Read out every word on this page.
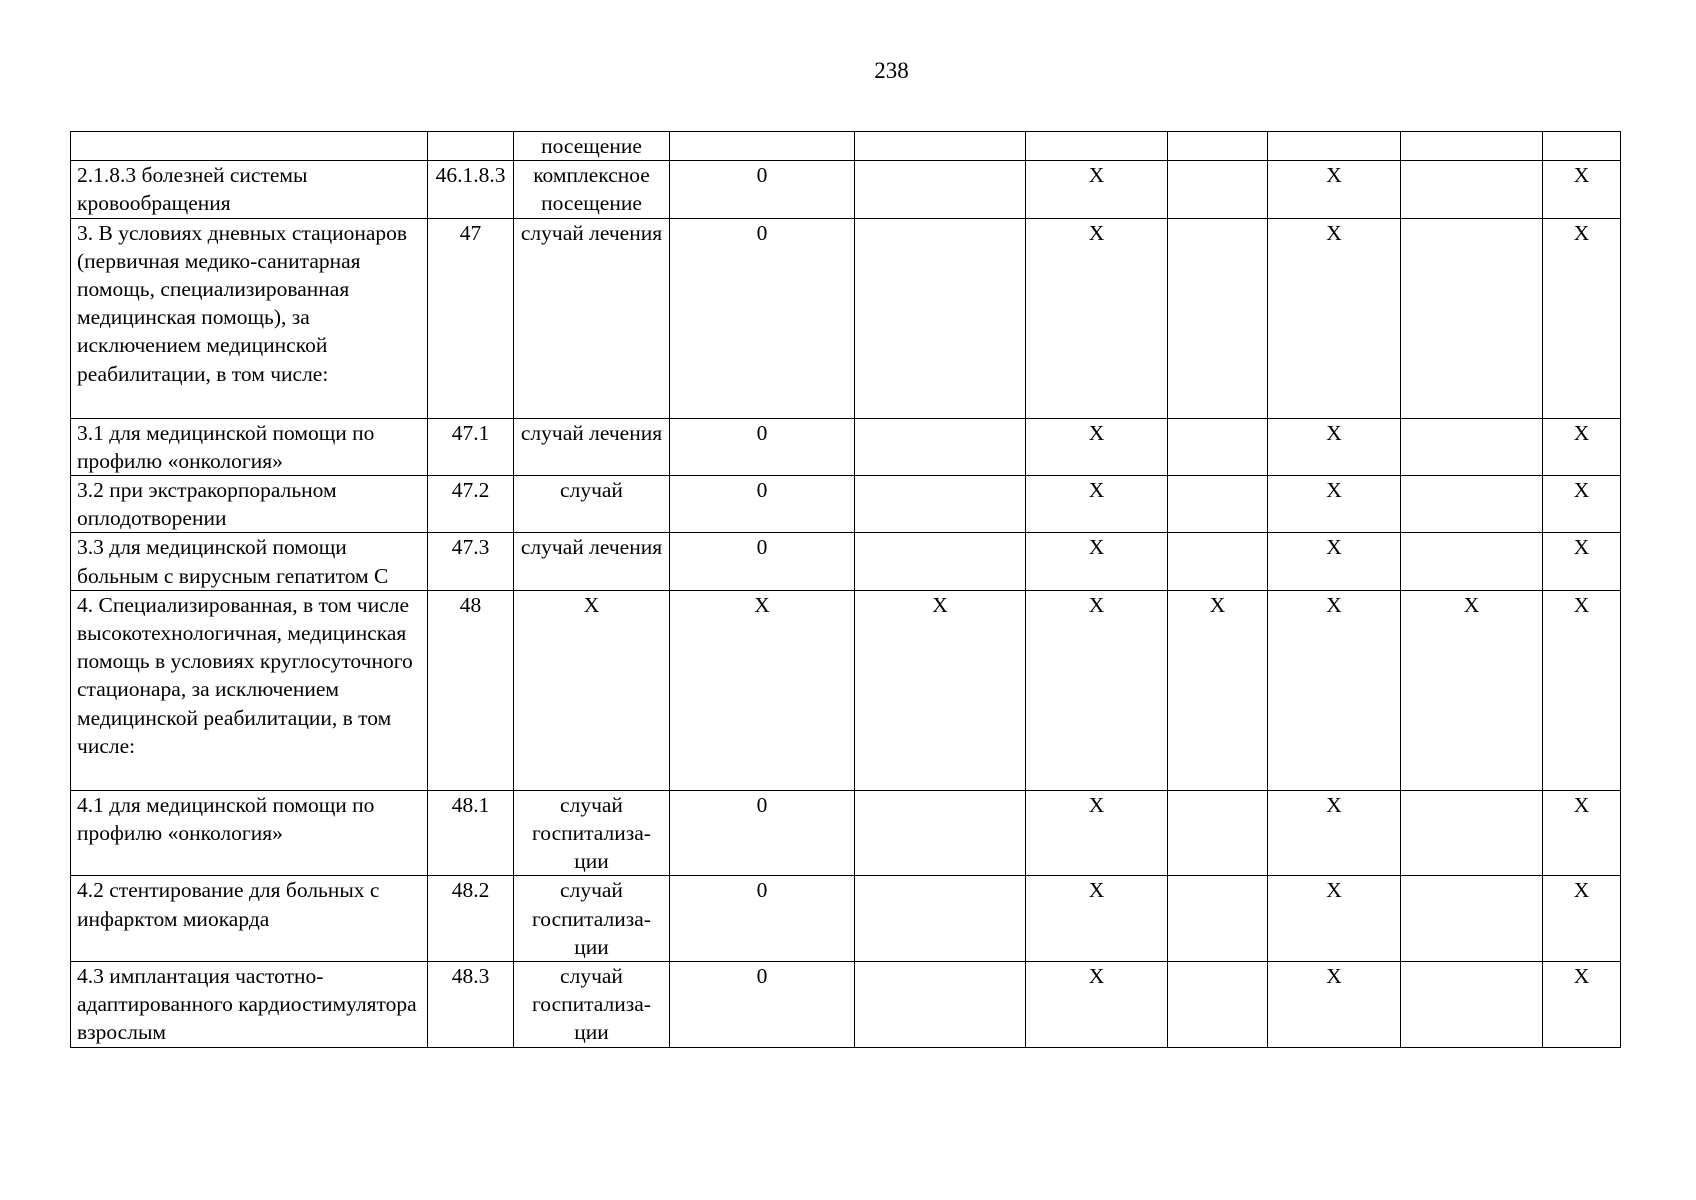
238
		посещение							
2.1.8.3 болезней системы кровообращения	46.1.8.3	комплексное посещение	0		Х		Х		Х
3. В условиях дневных стационаров (первичная медико-санитарная помощь, специализированная медицинская помощь), за исключением медицинской реабилитации, в том числе:	47	случай лечения	0		Х		Х		Х
3.1 для медицинской помощи по профилю «онкология»	47.1	случай лечения	0		Х		Х		Х
3.2 при экстракорпоральном оплодотворении	47.2	случай	0		Х		Х		Х
3.3 для медицинской помощи больным с вирусным гепатитом С	47.3	случай лечения	0		Х		Х		Х
4. Специализированная, в том числе высокотехнологичная, медицинская помощь в условиях круглосуточного стационара, за исключением медицинской реабилитации, в том числе:	48	Х	Х	Х	Х	Х	Х	Х	Х
4.1 для медицинской помощи по профилю «онкология»	48.1	случай госпитализа-ции	0		Х		Х		Х
4.2 стентирование для больных с инфарктом миокарда	48.2	случай госпитализа-ции	0		Х		Х		Х
4.3 имплантация частотно-адаптированного кардиостимулятора взрослым	48.3	случай госпитализа-ции	0		Х		Х		Х
